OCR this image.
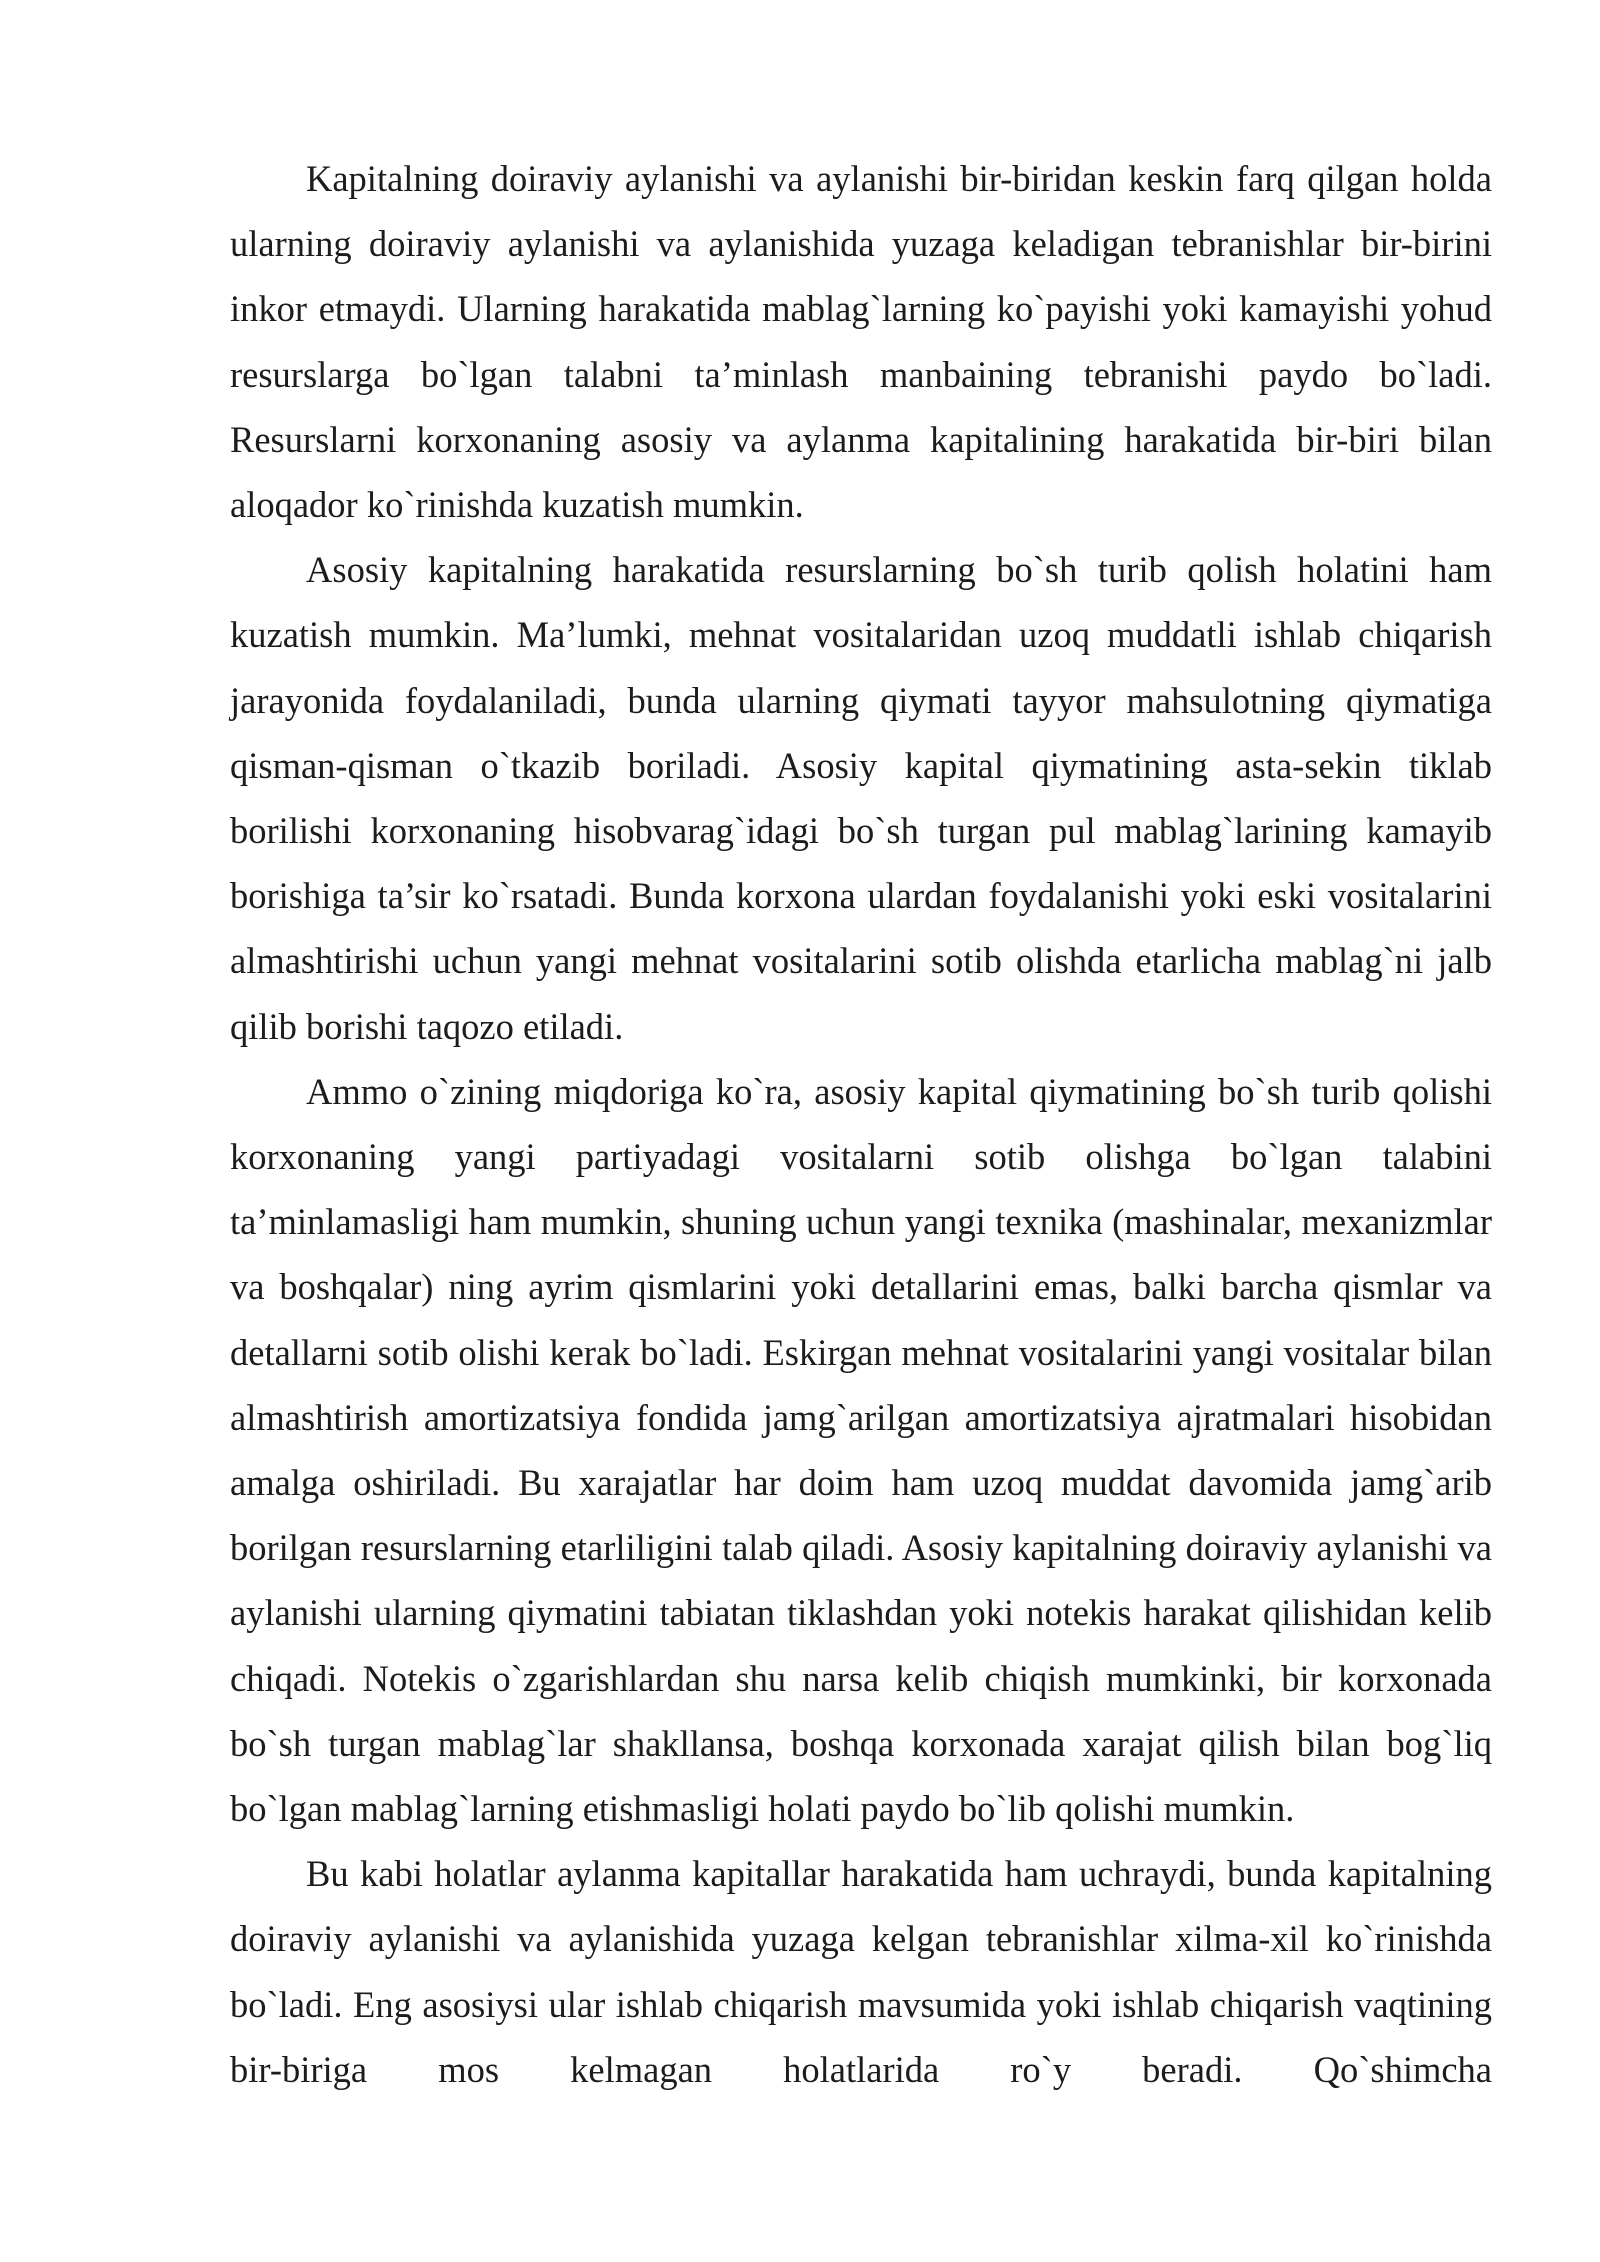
Kapitalning doiraviy aylanishi va aylanishi bir-biridan keskin farq qilgan holda ularning doiraviy aylanishi va aylanishida yuzaga keladigan tebranishlar bir-birini inkor etmaydi. Ularning harakatida mablag`larning ko`payishi yoki kamayishi yohud resurslarga bo`lgan talabni ta’minlash manbaining tebranishi paydo bo`ladi. Resurslarni korxonaning asosiy va aylanma kapitalining harakatida bir-biri bilan aloqador ko`rinishda kuzatish mumkin.

Asosiy kapitalning harakatida resurslarning bo`sh turib qolish holatini ham kuzatish mumkin. Ma’lumki, mehnat vositalaridan uzoq muddatli ishlab chiqarish jarayonida foydalaniladi, bunda ularning qiymati tayyor mahsulotning qiymatiga qisman-qisman o`tkazib boriladi. Asosiy kapital qiymatining asta-sekin tiklab borilishi korxonaning hisobvarag`idagi bo`sh turgan pul mablag`larining kamayib borishiga ta’sir ko`rsatadi. Bunda korxona ulardan foydalanishi yoki eski vositalarini almashtirishi uchun yangi mehnat vositalarini sotib olishda etarlicha mablag`ni jalb qilib borishi taqozo etiladi.

Ammo o`zining miqdoriga ko`ra, asosiy kapital qiymatining bo`sh turib qolishi korxonaning yangi partiyadagi vositalarni sotib olishga bo`lgan talabini ta’minlamasligi ham mumkin, shuning uchun yangi texnika (mashinalar, mexanizmlar va boshqalar) ning ayrim qismlarini yoki detallarini emas, balki barcha qismlar va detallarni sotib olishi kerak bo`ladi. Eskirgan mehnat vositalarini yangi vositalar bilan almashtirish amortizatsiya fondida jamg`arilgan amortizatsiya ajratmalari hisobidan amalga oshiriladi. Bu xarajatlar har doim ham uzoq muddat davomida jamg`arib borilgan resurslarning etarliligini talab qiladi. Asosiy kapitalning doiraviy aylanishi va aylanishi ularning qiymatini tabiatan tiklashdan yoki notekis harakat qilishidan kelib chiqadi. Notekis o`zgarishlardan shu narsa kelib chiqish mumkinki, bir korxonada bo`sh turgan mablag`lar shakllansa, boshqa korxonada xarajat qilish bilan bog`liq bo`lgan mablag`larning etishmasligi holati paydo bo`lib qolishi mumkin.

Bu kabi holatlar aylanma kapitallar harakatida ham uchraydi, bunda kapitalning doiraviy aylanishi va aylanishida yuzaga kelgan tebranishlar xilma-xil ko`rinishda bo`ladi. Eng asosiysi ular ishlab chiqarish mavsumida yoki ishlab chiqarish vaqtining bir-biriga mos kelmagan holatlarida ro`y beradi. Qo`shimcha
